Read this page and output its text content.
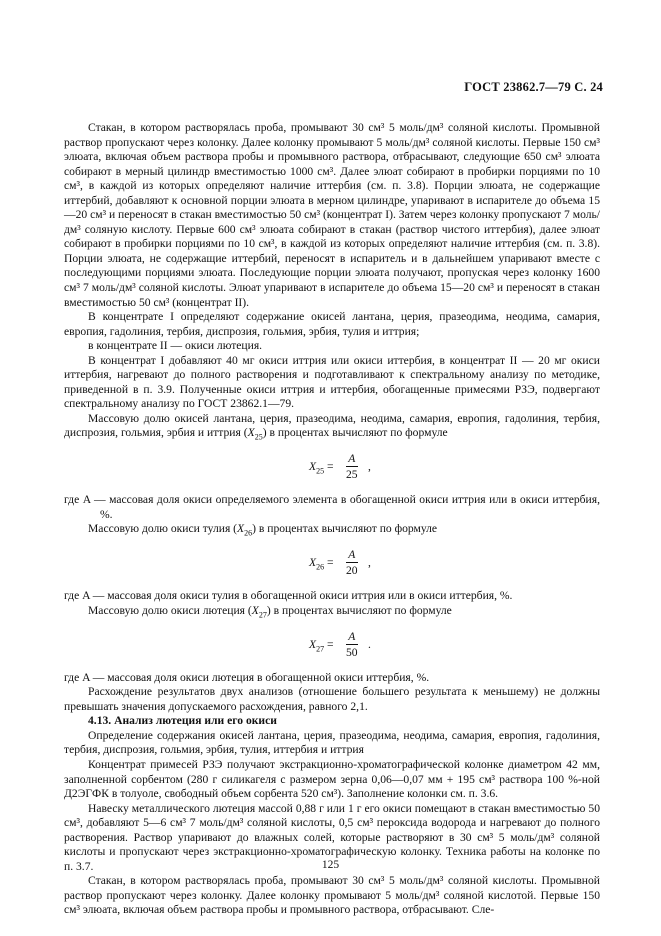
ГОСТ 23862.7—79 С. 24

Стакан, в котором растворялась проба, промывают 30 см³ 5 моль/дм³ соляной кислоты. Промывной раствор пропускают через колонку. Далее колонку промывают 5 моль/дм³ соляной кислоты. Первые 150 см³ элюата, включая объем раствора пробы и промывного раствора, отбрасывают, следующие 650 см³ элюата собирают в мерный цилиндр вместимостью 1000 см³. Далее элюат собирают в пробирки порциями по 10 см³, в каждой из которых определяют наличие иттербия (см. п. 3.8). Порции элюата, не содержащие иттербий, добавляют к основной порции элюата в мерном цилиндре, упаривают в испарителе до объема 15—20 см³ и переносят в стакан вместимостью 50 см³ (концентрат I). Затем через колонку пропускают 7 моль/дм³ соляную кислоту. Первые 600 см³ элюата собирают в стакан (раствор чистого иттербия), далее элюат собирают в пробирки порциями по 10 см³, в каждой из которых определяют наличие иттербия (см. п. 3.8). Порции элюата, не содержащие иттербий, переносят в испаритель и в дальнейшем упаривают вместе с последующими порциями элюата. Последующие порции элюата получают, пропуская через колонку 1600 см³ 7 моль/дм³ соляной кислоты. Элюат упаривают в испарителе до объема 15—20 см³ и переносят в стакан вместимостью 50 см³ (концентрат II).

В концентрате I определяют содержание окисей лантана, церия, празеодима, неодима, самария, европия, гадолиния, тербия, диспрозия, гольмия, эрбия, тулия и иттрия;

в концентрате II — окиси лютеция.

В концентрат I добавляют 40 мг окиси иттрия или окиси иттербия, в концентрат II — 20 мг окиси иттербия, нагревают до полного растворения и подготавливают к спектральному анализу по методике, приведенной в п. 3.9. Полученные окиси иттрия и иттербия, обогащенные примесями РЗЭ, подвергают спектральному анализу по ГОСТ 23862.1—79.

Массовую долю окисей лантана, церия, празеодима, неодима, самария, европия, гадолиния, тербия, диспрозия, гольмия, эрбия и иттрия $(X_{25})$ в процентах вычисляют по формуле

$X_{25} = \frac{A}{25}$ ,

где A — массовая доля окиси определяемого элемента в обогащенной окиси иттрия или в окиси иттербия, %.

Массовую долю окиси тулия $(X_{26})$ в процентах вычисляют по формуле

$X_{26} = \frac{A}{20}$ ,

где A — массовая доля окиси тулия в обогащенной окиси иттрия или в окиси иттербия, %.

Массовую долю окиси лютеция $(X_{27})$ в процентах вычисляют по формуле

$X_{27} = \frac{A}{50}$ .

где A — массовая доля окиси лютеция в обогащенной окиси иттербия, %.

Расхождение результатов двух анализов (отношение большего результата к меньшему) не должны превышать значения допускаемого расхождения, равного 2,1.

4.13. Анализ лютеция или его окиси

Определение содержания окисей лантана, церия, празеодима, неодима, самария, европия, гадолиния, тербия, диспрозия, гольмия, эрбия, тулия, иттербия и иттрия

Концентрат примесей РЗЭ получают экстракционно-хроматографической колонке диаметром 42 мм, заполненной сорбентом (280 г силикагеля с размером зерна 0,06—0,07 мм + 195 см³ раствора 100 %-ной Д2ЭГФК в толуоле, свободный объем сорбента 520 см³). Заполнение колонки см. п. 3.6.

Навеску металлического лютеция массой 0,88 г или 1 г его окиси помещают в стакан вместимостью 50 см³, добавляют 5—6 см³ 7 моль/дм³ соляной кислоты, 0,5 см³ пероксида водорода и нагревают до полного растворения. Раствор упаривают до влажных солей, которые растворяют в 30 см³ 5 моль/дм³ соляной кислоты и пропускают через экстракционно-хроматографическую колонку. Техника работы на колонке по п. 3.7.

Стакан, в котором растворялась проба, промывают 30 см³ 5 моль/дм³ соляной кислоты. Промывной раствор пропускают через колонку. Далее колонку промывают 5 моль/дм³ соляной кислотой. Первые 150 см³ элюата, включая объем раствора пробы и промывного раствора, отбрасывают. Сле-

125
